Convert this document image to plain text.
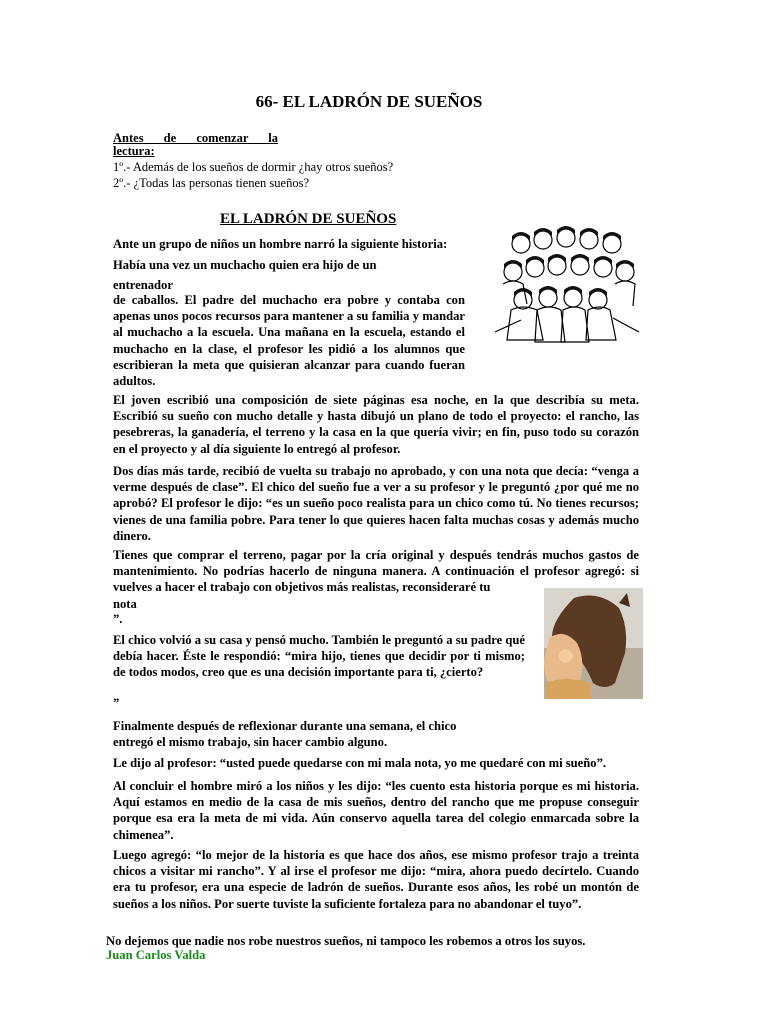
66- EL LADRÓN DE SUEÑOS
Antes de comenzar la
lectura:
1º.- Además de los sueños de dormir ¿hay otros sueños?
2º.- ¿Todas las personas tienen sueños?
EL LADRÓN DE SUEÑOS
Ante un grupo de niños un hombre narró la siguiente historia:
Había una vez un muchacho quien era hijo de un
entrenador
de caballos. El padre del muchacho era pobre y contaba con apenas unos pocos recursos para mantener a su familia y mandar al muchacho a la escuela. Una mañana en la escuela, estando el muchacho en la clase, el profesor les pidió a los alumnos que escribieran la meta que quisieran alcanzar para cuando fueran adultos.
El joven escribió una composición de siete páginas esa noche, en la que describía su meta. Escribió su sueño con mucho detalle y hasta dibujó un plano de todo el proyecto: el rancho, las pesebreras, la ganadería, el terreno y la casa en la que quería vivir; en fin, puso todo su corazón en el proyecto y al día siguiente lo entregó al profesor.
Dos días más tarde, recibió de vuelta su trabajo no aprobado, y con una nota que decía: “venga a verme después de clase”. El chico del sueño fue a ver a su profesor y le preguntó ¿por qué me no aprobó? El profesor le dijo: “es un sueño poco realista para un chico como tú. No tienes recursos; vienes de una familia pobre. Para tener lo que quieres hacen falta muchas cosas y además mucho dinero.
Tienes que comprar el terreno, pagar por la cría original y después tendrás muchos gastos de mantenimiento. No podrías hacerlo de ninguna manera. A continuación el profesor agregó: si vuelves a hacer el trabajo con objetivos más realistas, reconsideraré tu
nota
”.
El chico volvió a su casa y pensó mucho. También le preguntó a su padre qué debía hacer. Éste le respondió: “mira hijo, tienes que decidir por ti mismo; de todos modos, creo que es una decisión importante para ti, ¿cierto?
”
Finalmente después de reflexionar durante una semana, el chico
entregó el mismo trabajo, sin hacer cambio alguno.
Le dijo al profesor: “usted puede quedarse con mi mala nota, yo me quedaré con mi sueño”.
Al concluir el hombre miró a los niños y les dijo: “les cuento esta historia porque es mi historia. Aquí estamos en medio de la casa de mis sueños, dentro del rancho que me propuse conseguir porque esa era la meta de mi vida. Aún conservo aquella tarea del colegio enmarcada sobre la chimenea”.
Luego agregó: “lo mejor de la historia es que hace dos años, ese mismo profesor trajo a treinta chicos a visitar mi rancho”. Y al irse el profesor me dijo: “mira, ahora puedo decírtelo. Cuando era tu profesor, era una especie de ladrón de sueños. Durante esos años, les robé un montón de sueños a los niños. Por suerte tuviste la suficiente fortaleza para no abandonar el tuyo”.
No dejemos que nadie nos robe nuestros sueños, ni tampoco les robemos a otros los suyos.
Juan Carlos Valda
